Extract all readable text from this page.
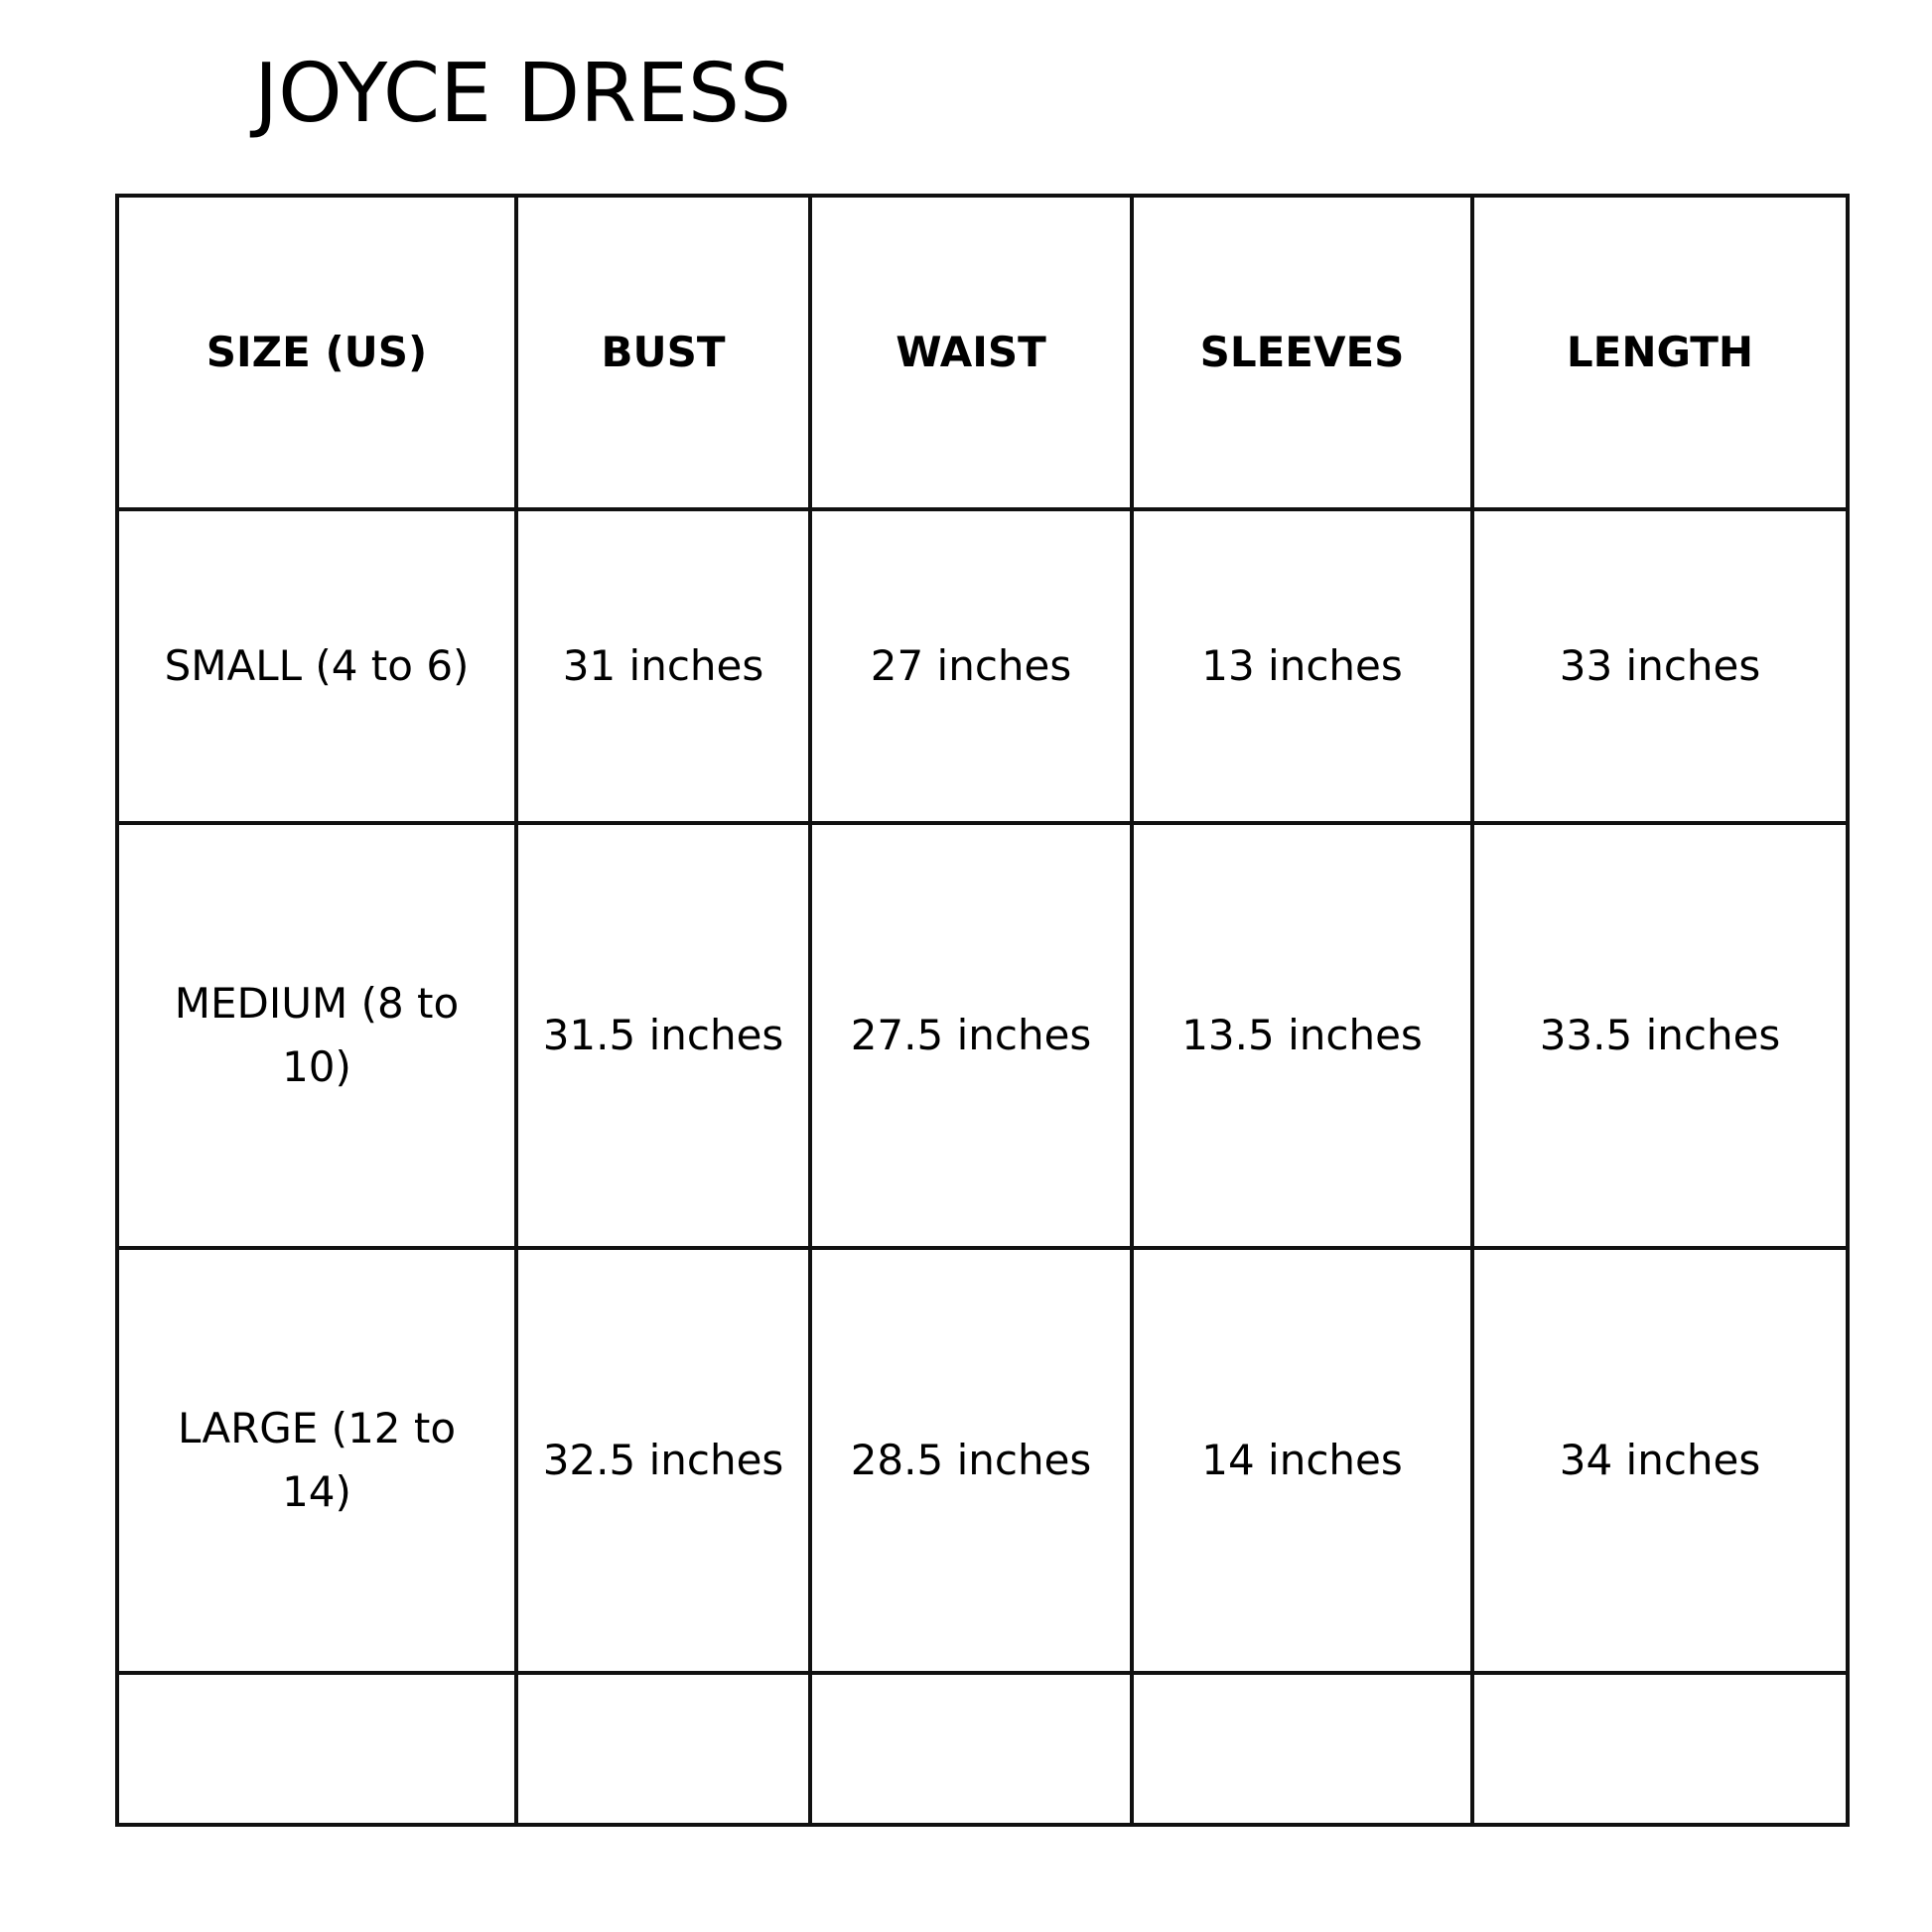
JOYCE DRESS
SIZE (US)	BUST	WAIST	SLEEVES	LENGTH
SMALL (4 to 6)	31 inches	27 inches	13 inches	33 inches
MEDIUM (8 to 10)	31.5 inches	27.5 inches	13.5 inches	33.5 inches
LARGE (12 to 14)	32.5 inches	28.5 inches	14 inches	34 inches
